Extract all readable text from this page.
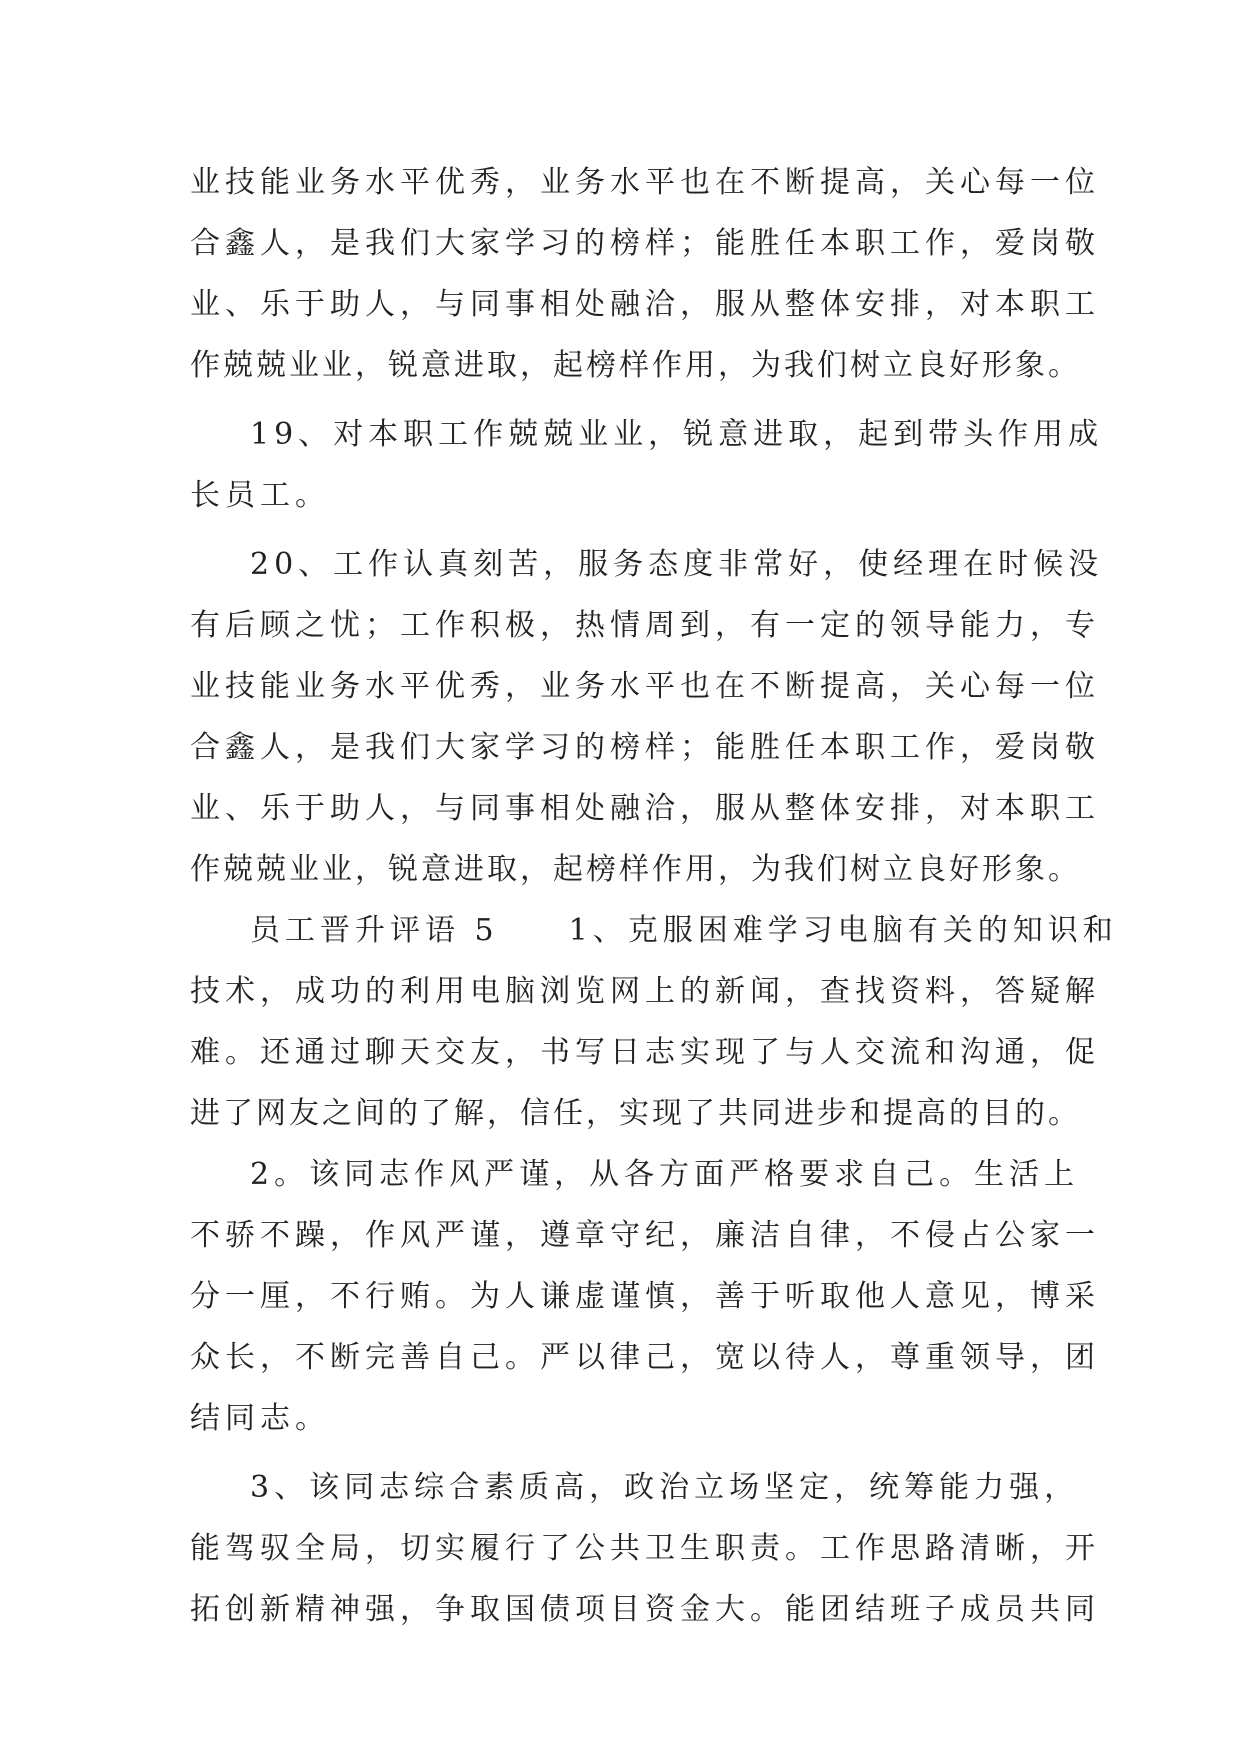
业技能业务水平优秀，业务水平也在不断提高，关心每一位
合鑫人，是我们大家学习的榜样；能胜任本职工作，爱岗敬
业、乐于助人，与同事相处融洽，服从整体安排，对本职工
作兢兢业业，锐意进取，起榜样作用，为我们树立良好形象。
19、对本职工作兢兢业业，锐意进取，起到带头作用成
长员工。
20、工作认真刻苦，服务态度非常好，使经理在时候没
有后顾之忧；工作积极，热情周到，有一定的领导能力，专
业技能业务水平优秀，业务水平也在不断提高，关心每一位
合鑫人，是我们大家学习的榜样；能胜任本职工作，爱岗敬
业、乐于助人，与同事相处融洽，服从整体安排，对本职工
作兢兢业业，锐意进取，起榜样作用，为我们树立良好形象。
员工晋升评语 5　　1、克服困难学习电脑有关的知识和
技术，成功的利用电脑浏览网上的新闻，查找资料，答疑解
难。还通过聊天交友，书写日志实现了与人交流和沟通，促
进了网友之间的了解，信任，实现了共同进步和提高的目的。
2。该同志作风严谨，从各方面严格要求自己。生活上
不骄不躁，作风严谨，遵章守纪，廉洁自律，不侵占公家一
分一厘，不行贿。为人谦虚谨慎，善于听取他人意见，博采
众长，不断完善自己。严以律己，宽以待人，尊重领导，团
结同志。
3、该同志综合素质高，政治立场坚定，统筹能力强，
能驾驭全局，切实履行了公共卫生职责。工作思路清晰，开
拓创新精神强，争取国债项目资金大。能团结班子成员共同
